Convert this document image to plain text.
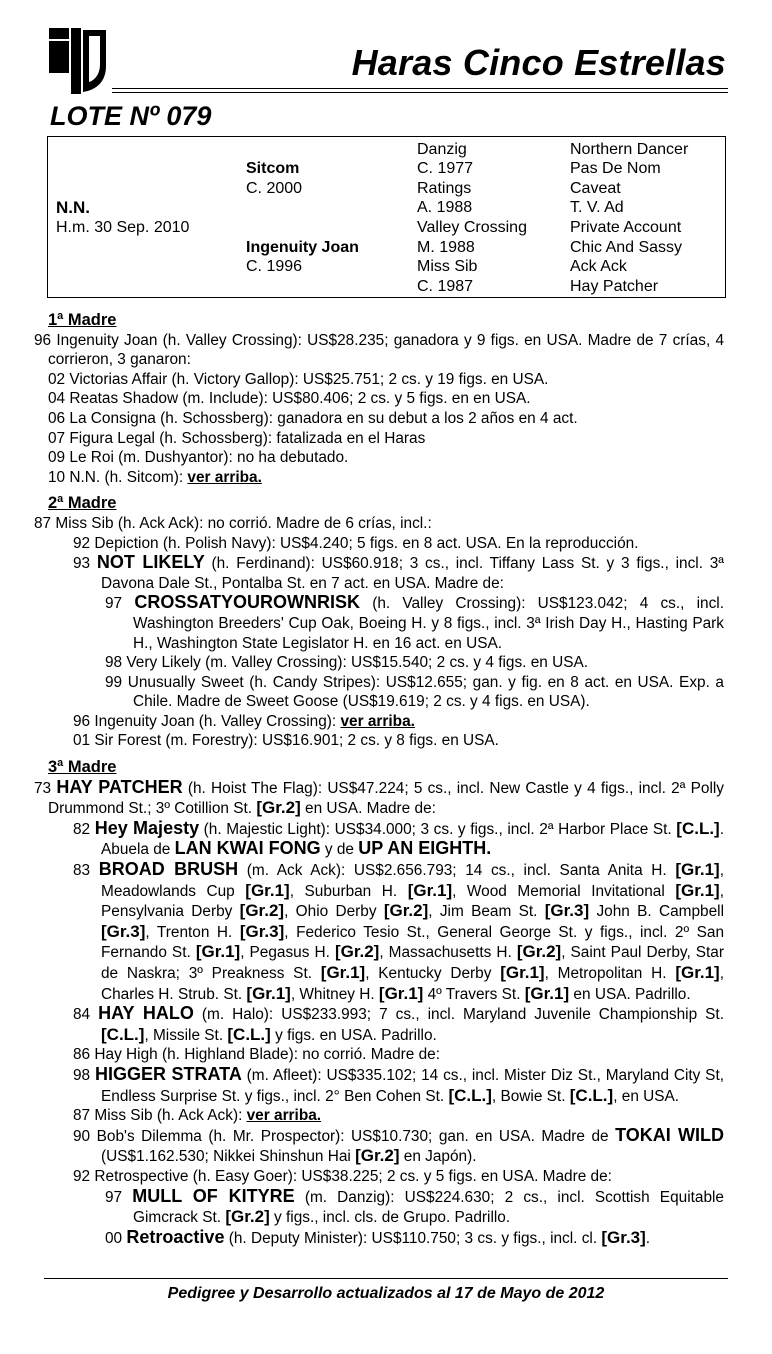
Haras Cinco Estrellas
LOTE Nº 079
N.N.
H.m. 30 Sep. 2010
Sitcom
C. 2000
Ingenuity Joan
C. 1996
Danzig
C. 1977
Ratings
A. 1988
Valley Crossing
M. 1988
Miss Sib
C. 1987
Northern Dancer
Pas De Nom
Caveat
T. V. Ad
Private Account
Chic And Sassy
Ack Ack
Hay Patcher
1ª Madre
96 Ingenuity Joan (h. Valley Crossing): US$28.235; ganadora y 9 figs. en USA. Madre de 7 crías, 4 corrieron, 3 ganaron:
02 Victorias Affair (h. Victory Gallop): US$25.751; 2 cs. y 19 figs. en USA.
04 Reatas Shadow (m. Include): US$80.406; 2 cs. y 5 figs. en en USA.
06 La Consigna (h. Schossberg): ganadora en su debut a los 2 años en 4 act.
07 Figura Legal (h. Schossberg): fatalizada en el Haras
09 Le Roi (m. Dushyantor): no ha debutado.
10 N.N. (h. Sitcom): ver arriba.
2ª Madre
87 Miss Sib (h. Ack Ack): no corrió. Madre de 6 crías, incl.:
92 Depiction (h. Polish Navy): US$4.240; 5 figs. en 8 act. USA. En la reproducción.
93 NOT LIKELY (h. Ferdinand): US$60.918; 3 cs., incl. Tiffany Lass St. y 3 figs., incl. 3ª Davona Dale St., Pontalba St. en 7 act. en USA. Madre de:
97 CROSSATYOUROWNRISK (h. Valley Crossing): US$123.042; 4 cs., incl. Washington Breeders' Cup Oak, Boeing H. y 8 figs., incl. 3ª Irish Day H., Hasting Park H., Washington State Legislator H. en 16 act. en USA.
98 Very Likely (m. Valley Crossing): US$15.540; 2 cs. y 4 figs. en USA.
99 Unusually Sweet (h. Candy Stripes): US$12.655; gan. y fig. en 8 act. en USA. Exp. a Chile. Madre de Sweet Goose (US$19.619; 2 cs. y 4 figs. en USA).
96 Ingenuity Joan (h. Valley Crossing): ver arriba.
01 Sir Forest (m. Forestry): US$16.901; 2 cs. y 8 figs. en USA.
3ª Madre
73 HAY PATCHER (h. Hoist The Flag): US$47.224; 5 cs., incl. New Castle y 4 figs., incl. 2ª Polly Drummond St.; 3º Cotillion St. [Gr.2] en USA. Madre de:
82 Hey Majesty (h. Majestic Light): US$34.000; 3 cs. y figs., incl. 2ª Harbor Place St. [C.L.]. Abuela de LAN KWAI FONG y de UP AN EIGHTH.
83 BROAD BRUSH (m. Ack Ack): US$2.656.793; 14 cs., incl. Santa Anita H. [Gr.1], Meadowlands Cup [Gr.1], Suburban H. [Gr.1], Wood Memorial Invitational [Gr.1], Pensylvania Derby [Gr.2], Ohio Derby [Gr.2], Jim Beam St. [Gr.3] John B. Campbell [Gr.3], Trenton H. [Gr.3], Federico Tesio St., General George St. y figs., incl. 2º San Fernando St. [Gr.1], Pegasus H. [Gr.2], Massachusetts H. [Gr.2], Saint Paul Derby, Star de Naskra; 3º Preakness St. [Gr.1], Kentucky Derby [Gr.1], Metropolitan H. [Gr.1], Charles H. Strub. St. [Gr.1], Whitney H. [Gr.1] 4º Travers St. [Gr.1] en USA. Padrillo.
84 HAY HALO (m. Halo): US$233.993; 7 cs., incl. Maryland Juvenile Championship St. [C.L.], Missile St. [C.L.] y figs. en USA. Padrillo.
86 Hay High (h. Highland Blade): no corrió. Madre de:
98 HIGGER STRATA (m. Afleet): US$335.102; 14 cs., incl. Mister Diz St., Maryland City St, Endless Surprise St. y figs., incl. 2° Ben Cohen St. [C.L.], Bowie St. [C.L.], en USA.
87 Miss Sib (h. Ack Ack): ver arriba.
90 Bob's Dilemma (h. Mr. Prospector): US$10.730; gan. en USA. Madre de TOKAI WILD (US$1.162.530; Nikkei Shinshun Hai [Gr.2] en Japón).
92 Retrospective (h. Easy Goer): US$38.225; 2 cs. y 5 figs. en USA. Madre de:
97 MULL OF KITYRE (m. Danzig): US$224.630; 2 cs., incl. Scottish Equitable Gimcrack St. [Gr.2] y figs., incl. cls. de Grupo. Padrillo.
00 Retroactive (h. Deputy Minister): US$110.750; 3 cs. y figs., incl. cl. [Gr.3].
Pedigree y Desarrollo actualizados al 17 de Mayo de 2012
